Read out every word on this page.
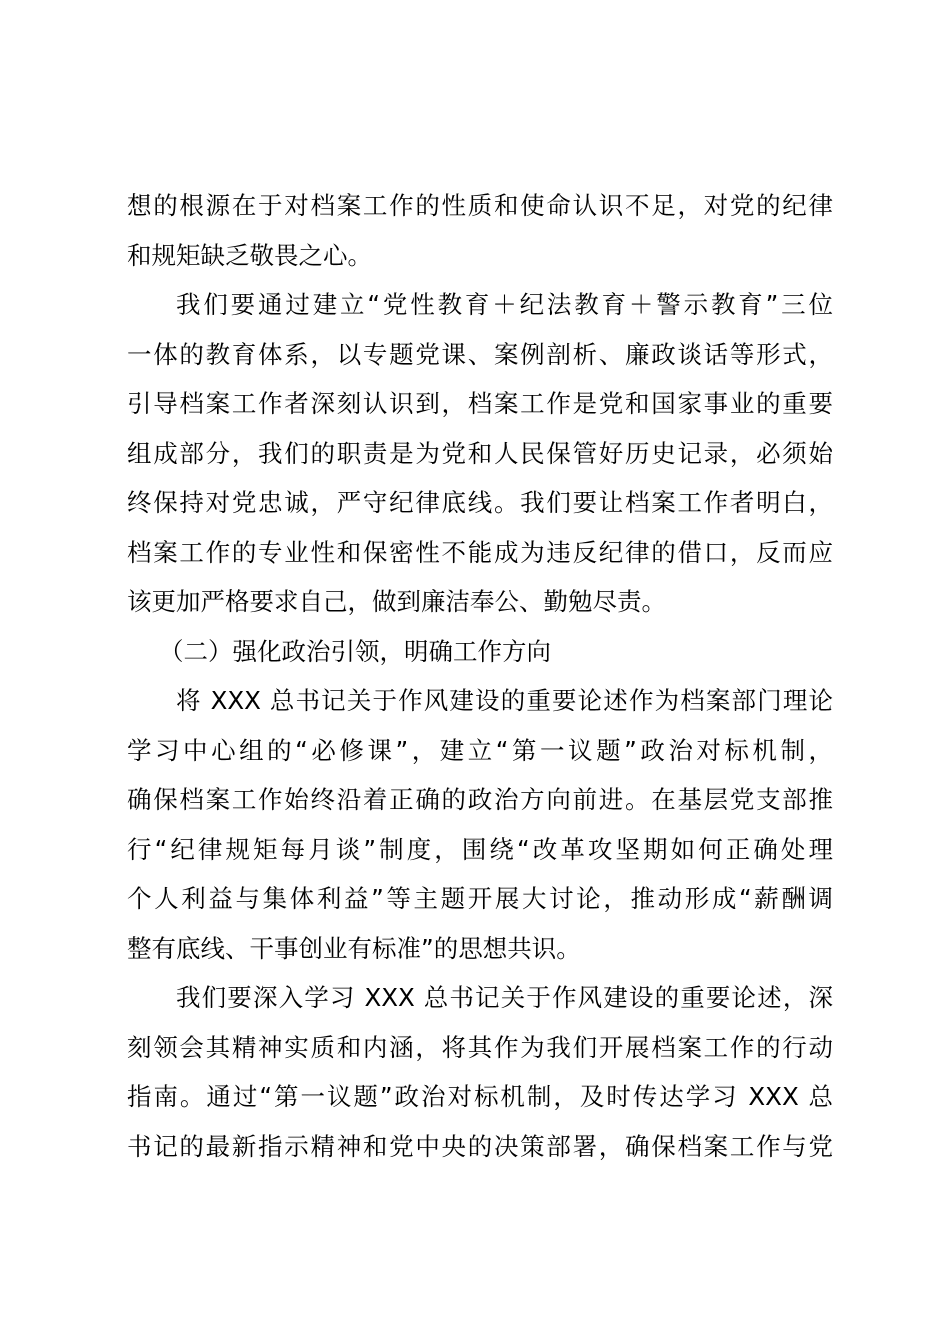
想的根源在于对档案工作的性质和使命认识不足，对党的纪律
和规矩缺乏敬畏之心。
我们要通过建立“党性教育＋纪法教育＋警示教育”三位
一体的教育体系，以专题党课、案例剖析、廉政谈话等形式，
引导档案工作者深刻认识到，档案工作是党和国家事业的重要
组成部分，我们的职责是为党和人民保管好历史记录，必须始
终保持对党忠诚，严守纪律底线。我们要让档案工作者明白，
档案工作的专业性和保密性不能成为违反纪律的借口，反而应
该更加严格要求自己，做到廉洁奉公、勤勉尽责。
（二）强化政治引领，明确工作方向
将 XXX 总书记关于作风建设的重要论述作为档案部门理论
学习中心组的“必修课”，建立“第一议题”政治对标机制，
确保档案工作始终沿着正确的政治方向前进。在基层党支部推
行“纪律规矩每月谈”制度，围绕“改革攻坚期如何正确处理
个人利益与集体利益”等主题开展大讨论，推动形成“薪酬调
整有底线、干事创业有标准”的思想共识。
我们要深入学习 XXX 总书记关于作风建设的重要论述，深
刻领会其精神实质和内涵，将其作为我们开展档案工作的行动
指南。通过“第一议题”政治对标机制，及时传达学习 XXX 总
书记的最新指示精神和党中央的决策部署，确保档案工作与党
